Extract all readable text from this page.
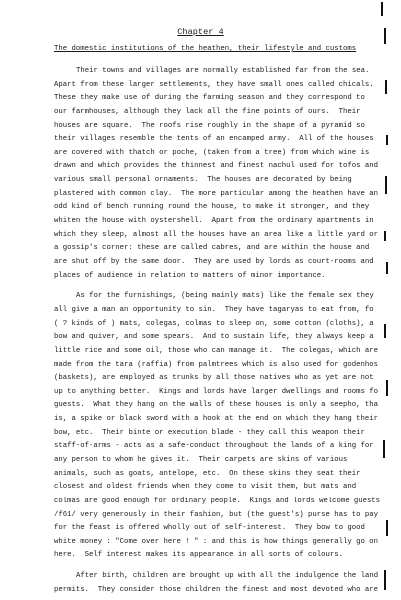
Chapter 4
The domestic institutions of the heathen, their lifestyle and customs
Their towns and villages are normally established far from the sea.
Apart from these larger settlements, they have small ones called chicals.
These they make use of during the farming season and they correspond to
our farmhouses, although they lack all the fine points of ours.  Their
houses are square.  The roofs rise roughly in the shape of a pyramid so
their villages resemble the tents of an encamped army.  All of the houses
are covered with thatch or poche, (taken from a tree) from which wine is
drawn and which provides the thinnest and finest nachul used for tofos and
various small personal ornaments.  The houses are decorated by being
plastered with common clay.  The more particular among the heathen have an
odd kind of bench running round the house, to make it stronger, and they
whiten the house with oystershell.  Apart from the ordinary apartments in
which they sleep, almost all the houses have an area like a little yard or
a gossip's corner: these are called cabres, and are within the house and
are shut off by the same door.  They are used by lords as court-rooms and
places of audience in relation to matters of minor importance.
As for the furnishings, (being mainly mats) like the female sex they
all give a man an opportunity to sin.  They have tagaryas to eat from, fo
( ? kinds of ) mats, colegas, colmas to sleep on, some cotton (cloths), a
bow and quiver, and some spears.  And to sustain life, they always keep a
little rice and some oil, those who can manage it.  The colegas, which are
made from the tara (raffia) from palmtrees which is also used for godenhos
(baskets), are employed as trunks by all those natives who as yet are not
up to anything better.  Kings and lords have larger dwellings and rooms fo
guests.  What they hang on the walls of these houses is only a seepho, tha
is, a spike or black sword with a hook at the end on which they hang their
bow, etc.  Their binte or execution blade - they call this weapon their
staff-of-arms - acts as a safe-conduct throughout the lands of a king for
any person to whom he gives it.  Their carpets are skins of various
animals, such as goats, antelope, etc.  On these skins they seat their
closest and oldest friends when they come to visit them, but mats and
colmas are good enough for ordinary people.  Kings and lords welcome guests
/f61/ very generously in their fashion, but (the guest's) purse has to pay
for the feast is offered wholly out of self-interest.  They bow to good
white money : "Come over here ! " : and this is how things generally go on
here.  Self interest makes its appearance in all sorts of colours.
After birth, children are brought up with all the indulgence the land
permits.  They consider those children the finest and most devoted who are
